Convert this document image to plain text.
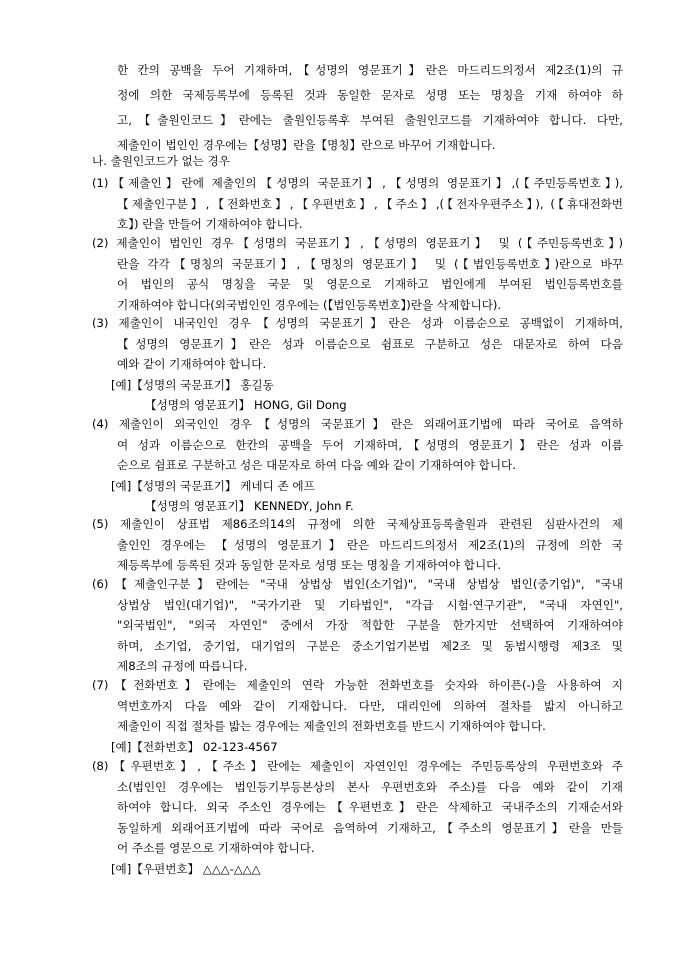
한 칸의 공백을 두어 기재하며,【성명의 영문표기】란은 마드리드의정서 제2조(1)의 규
정에 의한 국제등록부에 등록된 것과 동일한 문자로 성명 또는 명칭을 기재 하여야 하
고,【출원인코드】란에는 출원인등록후 부여된 출원인코드를 기재하여야 합니다. 다만,
제출인이 법인인 경우에는【성명】란을【명칭】란으로 바꾸어 기재합니다.
나. 출원인코드가 없는 경우
(1)【제출인】란에 제출인의【성명의 국문표기】,【성명의 영문표기】,(【주민등록번호】),
【제출인구분】,【전화번호】,【우편번호】,【주소】,(【전자우편주소】), (【휴대전화번
호】) 란을 만들어 기재하여야 합니다.
(2) 제출인이 법인인 경우【성명의 국문표기】,【성명의 영문표기】 및 (【주민등록번호】)
란을 각각【명칭의 국문표기】,【명칭의 영문표기】 및 (【법인등록번호】)란으로 바꾸
어 법인의 공식 명칭을 국문 및 영문으로 기재하고 법인에게 부여된 법인등록번호를
기재하여야 합니다(외국법인인 경우에는 (【법인등록번호】)란을 삭제합니다).
(3) 제출인이 내국인인 경우【성명의 국문표기】란은 성과 이름순으로 공백없이 기재하며,
【성명의 영문표기】란은 성과 이름순으로 쉼표로 구분하고 성은 대문자로 하여 다음
예와 같이 기재하여야 합니다.
[예]【성명의 국문표기】 홍길동
【성명의 영문표기】 HONG, Gil Dong
(4) 제출인이 외국인인 경우【성명의 국문표기】란은 외래어표기법에 따라 국어로 음역하
여 성과 이름순으로 한칸의 공백을 두어 기재하며,【성명의 영문표기】란은 성과 이름
순으로 쉼표로 구분하고 성은 대문자로 하여 다음 예와 같이 기재하여야 합니다.
[예]【성명의 국문표기】 케네디 존 에프
【성명의 영문표기】 KENNEDY, John F.
(5) 제출인이 상표법 제86조의14의 규정에 의한 국제상표등록출원과 관련된 심판사건의 제
출인인 경우에는 【성명의 영문표기】란은 마드리드의정서 제2조(1)의 규정에 의한 국
제등록부에 등록된 것과 동일한 문자로 성명 또는 명칭을 기재하여야 합니다.
(6)【제출인구분】란에는 "국내 상법상 법인(소기업)", "국내 상법상 법인(중기업)", "국내
상법상 법인(대기업)", "국가기관 및 기타법인", "각급 시험·연구기관", "국내 자연인",
"외국법인", "외국 자연인" 중에서 가장 적합한 구분을 한가지만 선택하여 기재하여야
하며, 소기업, 중기업, 대기업의 구분은 중소기업기본법 제2조 및 동법시행령 제3조 및
제8조의 규정에 따릅니다.
(7)【전화번호】란에는 제출인의 연락 가능한 전화번호를 숫자와 하이픈(-)을 사용하여 지
역번호까지 다음 예와 같이 기재합니다. 다만, 대리인에 의하여 절차를 밟지 아니하고
제출인이 직접 절차를 밟는 경우에는 제출인의 전화번호를 반드시 기재하여야 합니다.
[예]【전화번호】 02-123-4567
(8)【우편번호】,【주소】란에는 제출인이 자연인인 경우에는 주민등록상의 우편번호와 주
소(법인인 경우에는 법인등기부등본상의 본사 우편번호와 주소)를 다음 예와 같이 기재
하여야 합니다. 외국 주소인 경우에는【우편번호】란은 삭제하고 국내주소의 기재순서와
동일하게 외래어표기법에 따라 국어로 음역하여 기재하고,【주소의 영문표기】란을 만들
어 주소를 영문으로 기재하여야 합니다.
[예]【우편번호】 △△△-△△△
